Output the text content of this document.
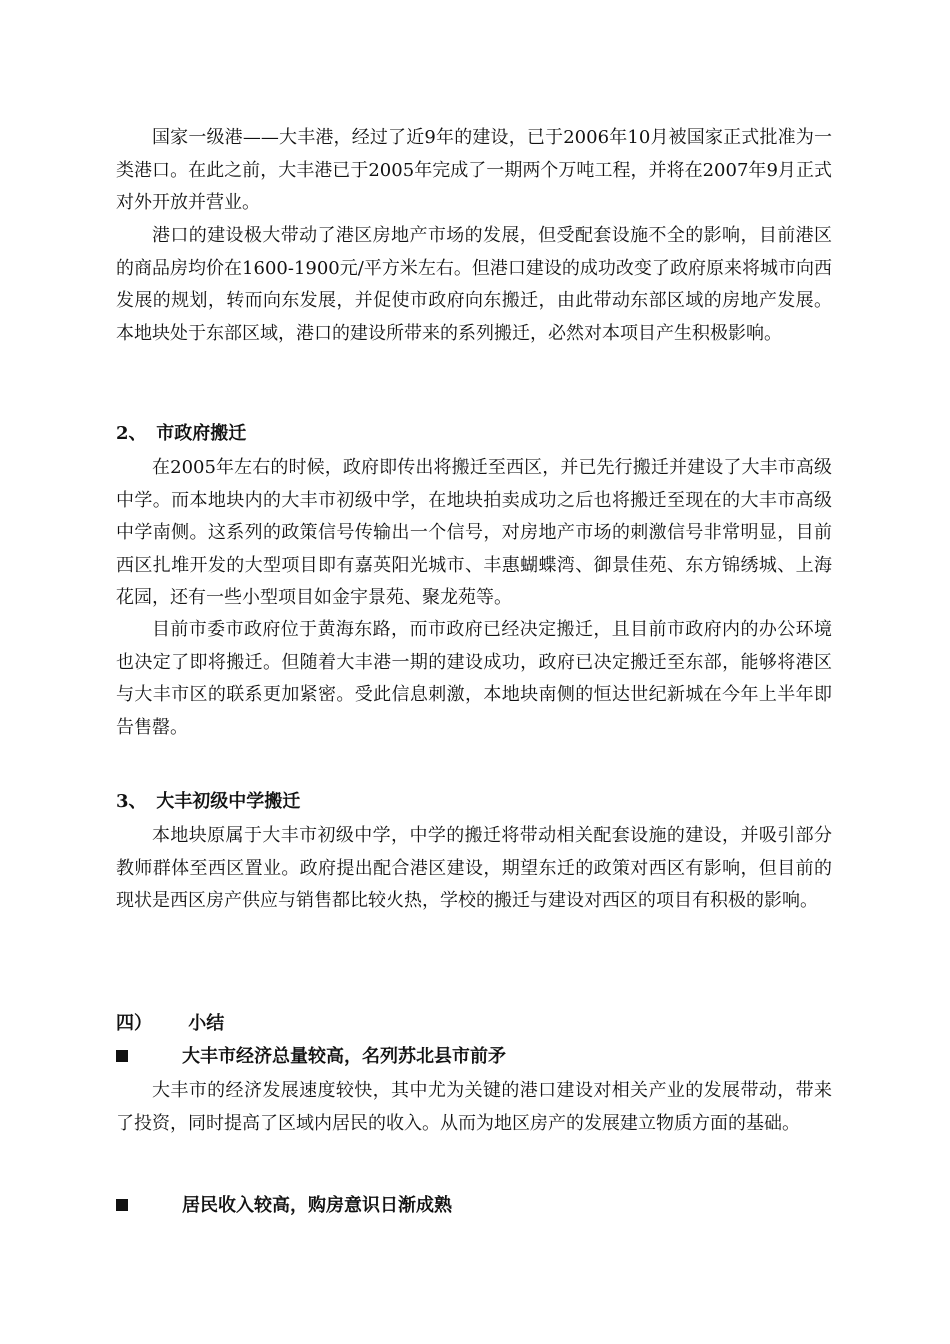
国家一级港——大丰港，经过了近9年的建设，已于2006年10月被国家正式批准为一类港口。在此之前，大丰港已于2005年完成了一期两个万吨工程，并将在2007年9月正式对外开放并营业。

港口的建设极大带动了港区房地产市场的发展，但受配套设施不全的影响，目前港区的商品房均价在1600-1900元/平方米左右。但港口建设的成功改变了政府原来将城市向西发展的规划，转而向东发展，并促使市政府向东搬迁，由此带动东部区域的房地产发展。本地块处于东部区域，港口的建设所带来的系列搬迁，必然对本项目产生积极影响。

2、 市政府搬迁

在2005年左右的时候，政府即传出将搬迁至西区，并已先行搬迁并建设了大丰市高级中学。而本地块内的大丰市初级中学，在地块拍卖成功之后也将搬迁至现在的大丰市高级中学南侧。这系列的政策信号传输出一个信号，对房地产市场的刺激信号非常明显，目前西区扎堆开发的大型项目即有嘉英阳光城市、丰惠蝴蝶湾、御景佳苑、东方锦绣城、上海花园，还有一些小型项目如金宇景苑、聚龙苑等。

目前市委市政府位于黄海东路，而市政府已经决定搬迁，且目前市政府内的办公环境也决定了即将搬迁。但随着大丰港一期的建设成功，政府已决定搬迁至东部，能够将港区与大丰市区的联系更加紧密。受此信息刺激，本地块南侧的恒达世纪新城在今年上半年即告售罄。

3、 大丰初级中学搬迁

本地块原属于大丰市初级中学，中学的搬迁将带动相关配套设施的建设，并吸引部分教师群体至西区置业。政府提出配合港区建设，期望东迁的政策对西区有影响，但目前的现状是西区房产供应与销售都比较火热，学校的搬迁与建设对西区的项目有积极的影响。

四） 小结
大丰市经济总量较高，名列苏北县市前矛

大丰市的经济发展速度较快，其中尤为关键的港口建设对相关产业的发展带动，带来了投资，同时提高了区域内居民的收入。从而为地区房产的发展建立物质方面的基础。

居民收入较高，购房意识日渐成熟
